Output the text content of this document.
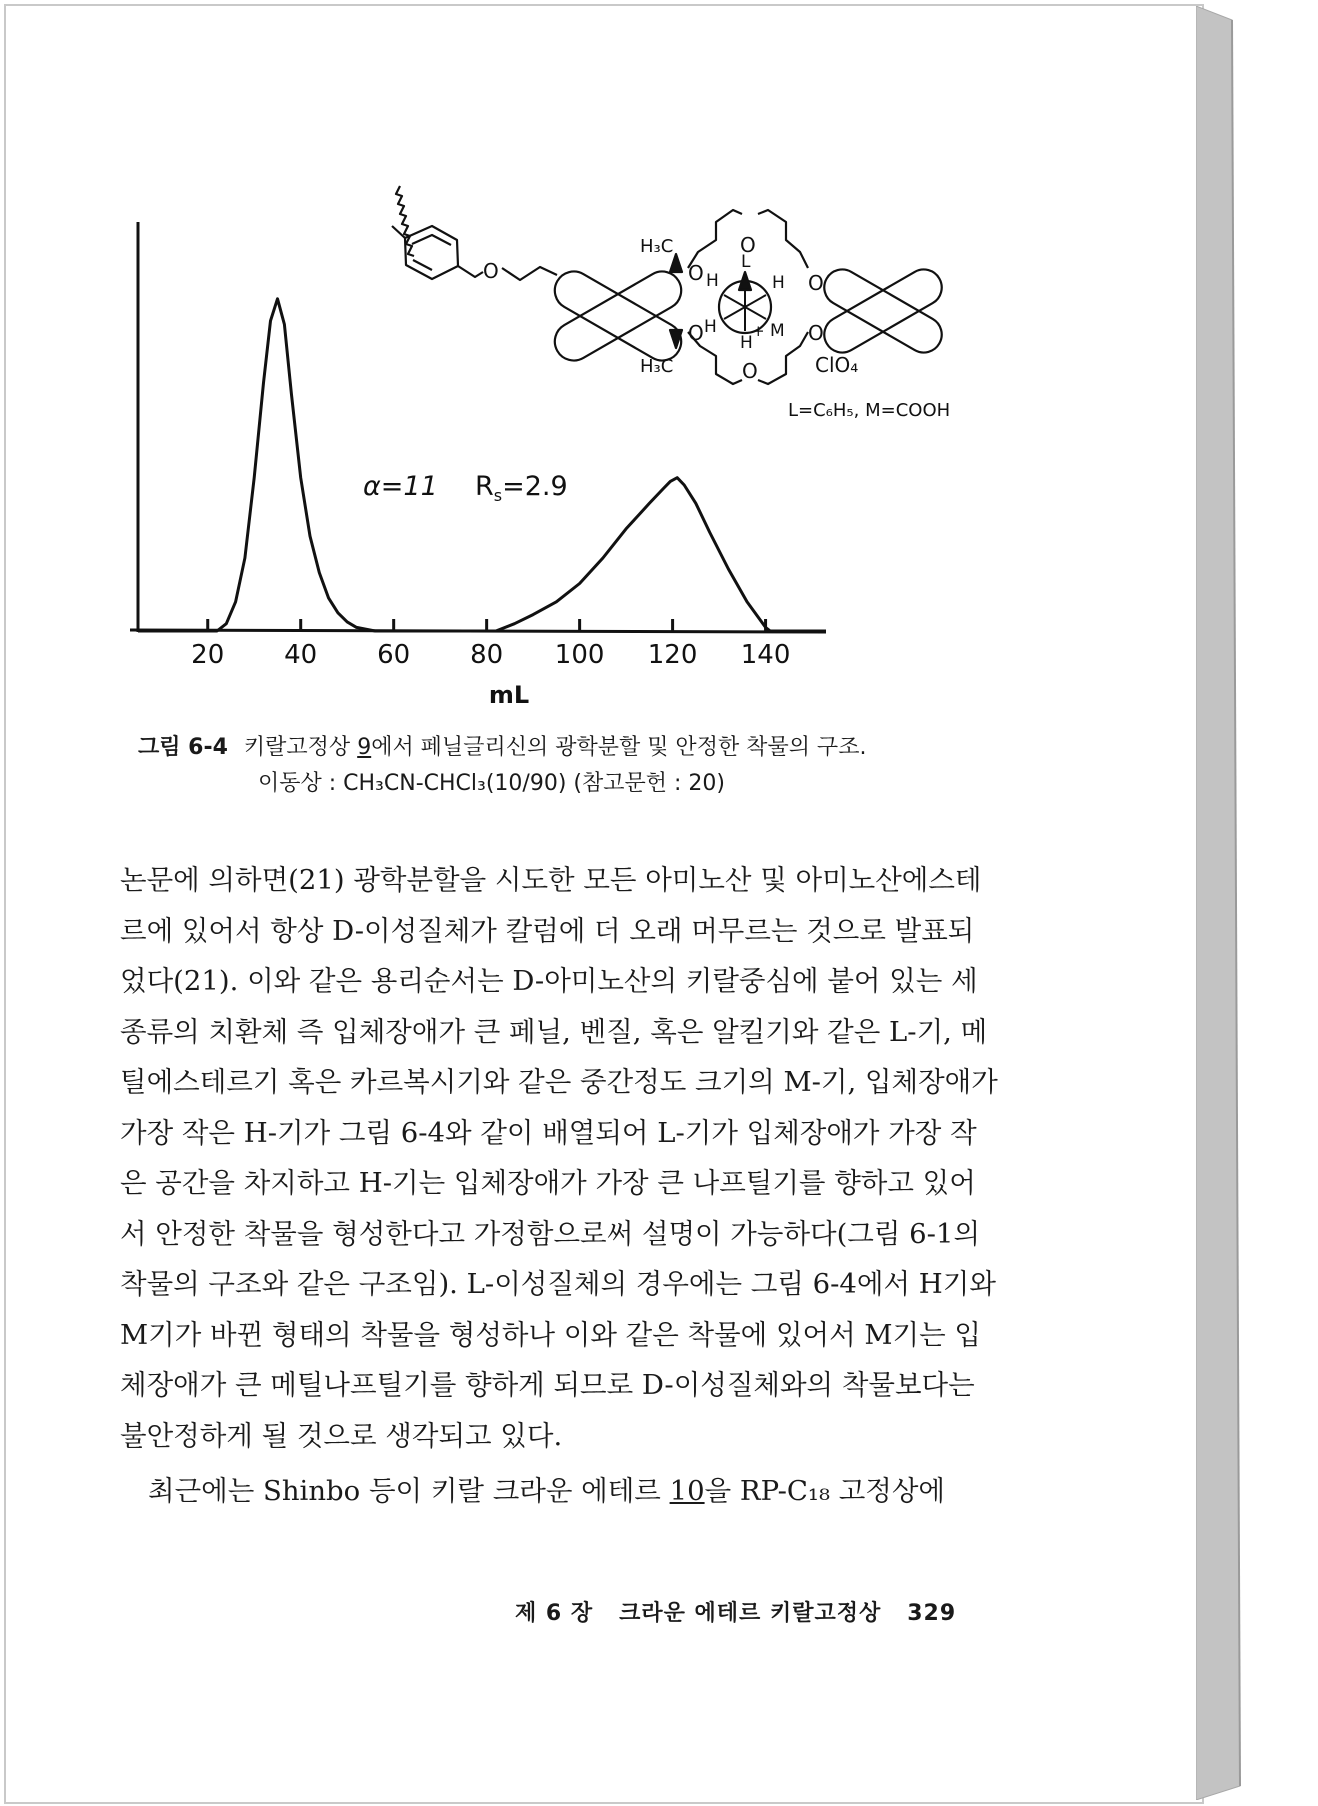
20 40 60 80 100 120 140
mL
α=11 $R_s=2.9$
H₃C
H₃C
O	O
O
O
O
O
O
H	H
H
H
L
M
+
ClO₄
L=C₆H₅, M=COOH
그림 6-4 키랄고정상 9에서 페닐글리신의 광학분할 및 안정한 착물의 구조.
이동상 : CH₃CN-CHCl₃(10/90) (참고문헌 : 20)

논문에 의하면(21) 광학분할을 시도한 모든 아미노산 및 아미노산에스테르에 있어서 항상 D-이성질체가 칼럼에 더 오래 머무르는 것으로 발표되었다(21). 이와 같은 용리순서는 D-아미노산의 키랄중심에 붙어 있는 세 종류의 치환체 즉 입체장애가 큰 페닐, 벤질, 혹은 알킬기와 같은 L-기, 메틸에스테르기 혹은 카르복시기와 같은 중간정도 크기의 M-기, 입체장애가 가장 작은 H-기가 그림 6-4와 같이 배열되어 L-기가 입체장애가 가장 작은 공간을 차지하고 H-기는 입체장애가 가장 큰 나프틸기를 향하고 있어서 안정한 착물을 형성한다고 가정함으로써 설명이 가능하다(그림 6-1의 착물의 구조와 같은 구조임). L-이성질체의 경우에는 그림 6-4에서 H기와 M기가 바뀐 형태의 착물을 형성하나 이와 같은 착물에 있어서 M기는 입체장애가 큰 메틸나프틸기를 향하게 되므로 D-이성질체와의 착물보다는 불안정하게 될 것으로 생각되고 있다.

최근에는 Shinbo 등이 키랄 크라운 에테르 10을 RP-C₁₈ 고정상에

제 6 장 크라운 에테르 키랄고정상 329
